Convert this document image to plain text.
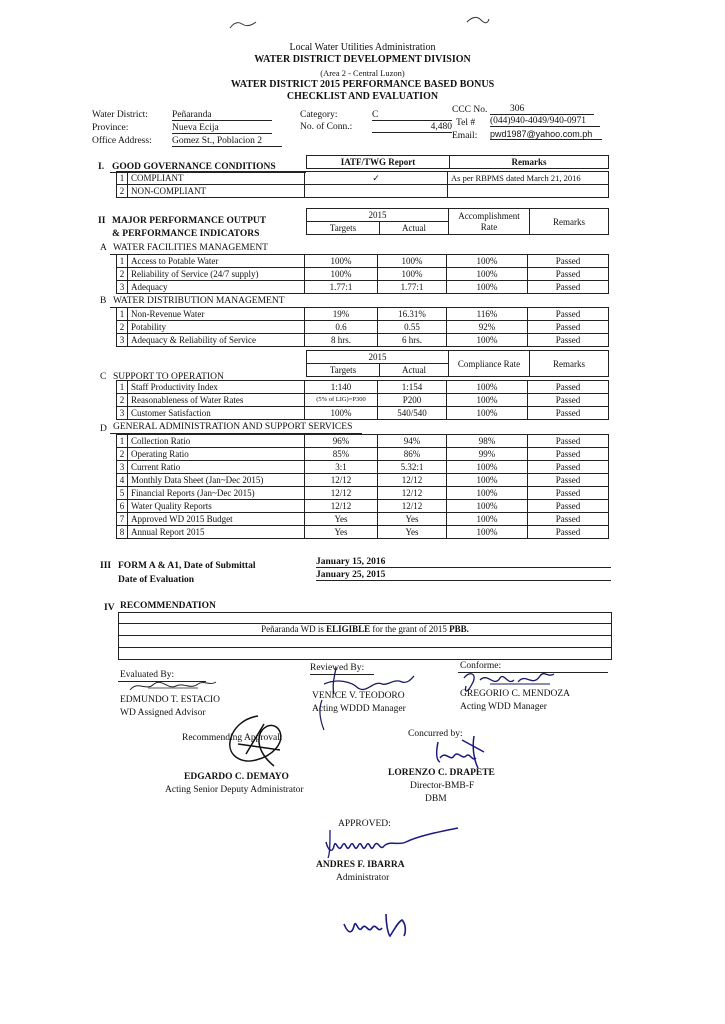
Local Water Utilities Administration
WATER DISTRICT DEVELOPMENT DIVISION
(Area 2 - Central Luzon)
WATER DISTRICT 2015 PERFORMANCE BASED BONUS
CHECKLIST AND EVALUATION
Water District:	Peñaranda
Province:	Nueva Ecija
Office Address: Gomez St., Poblacion 2
Category:	C
No. of Conn.:	4,480
CCC No.	306
Tel # (044)940-4049/940-0971
Email: pwd1987@yahoo.com.ph
I. GOOD GOVERNANCE CONDITIONS	IATF/TWG Report	Remarks
1	COMPLIANT	✓	As per RBPMS dated March 21, 2016
2	NON-COMPLIANT		
II MAJOR PERFORMANCE OUTPUT
& PERFORMANCE INDICATORS
2015		Accomplishment Rate	Remarks
Targets	Actual		
A WATER FACILITIES MANAGEMENT
1	Access to Potable Water	100%	100%	100%	Passed
2	Reliability of Service (24/7 supply)	100%	100%	100%	Passed
3	Adequacy	1.77:1	1.77:1	100%	Passed
B WATER DISTRIBUTION MANAGEMENT
1	Non-Revenue Water	19%	16.31%	116%	Passed
2	Potability	0.6	0.55	92%	Passed
3	Adequacy & Reliability of Service	8 hrs.	6 hrs.	100%	Passed
2015		Compliance Rate	Remarks
Targets	Actual		
C SUPPORT TO OPERATION
1	Staff Productivity Index	1:140	1:154	100%	Passed
2	Reasonableness of Water Rates	(5% of LIG)=P300	P200	100%	Passed
3	Customer Satisfaction	100%	540/540	100%	Passed
D GENERAL ADMINISTRATION AND SUPPORT SERVICES
1	Collection Ratio	96%	94%	98%	Passed
2	Operating Ratio	85%	86%	99%	Passed
3	Current Ratio	3:1	5.32:1	100%	Passed
4	Monthly Data Sheet (Jan~Dec 2015)	12/12	12/12	100%	Passed
5	Financial Reports (Jan~Dec 2015)	12/12	12/12	100%	Passed
6	Water Quality Reports	12/12	12/12	100%	Passed
7	Approved WD 2015 Budget	Yes	Yes	100%	Passed
8	Annual Report 2015	Yes	Yes	100%	Passed
III FORM A & A1, Date of Submittal
Date of Evaluation
January 15, 2016
January 25, 2015
IV RECOMMENDATION
Peñaranda WD is ELIGIBLE for the grant of 2015 PBB.
Evaluated By:
EDMUNDO T. ESTACIO
WD Assigned Advisor
Reviewed By:
VENICE V. TEODORO
Acting WDDD Manager
Conforme:
GREGORIO C. MENDOZA
Acting WDD Manager
Recommending Approval:
EDGARDO C. DEMAYO
Acting Senior Deputy Administrator
Concurred by:
LORENZO C. DRAPETE
Director-BMB-F
DBM
APPROVED:
ANDRES F. IBARRA
Administrator
